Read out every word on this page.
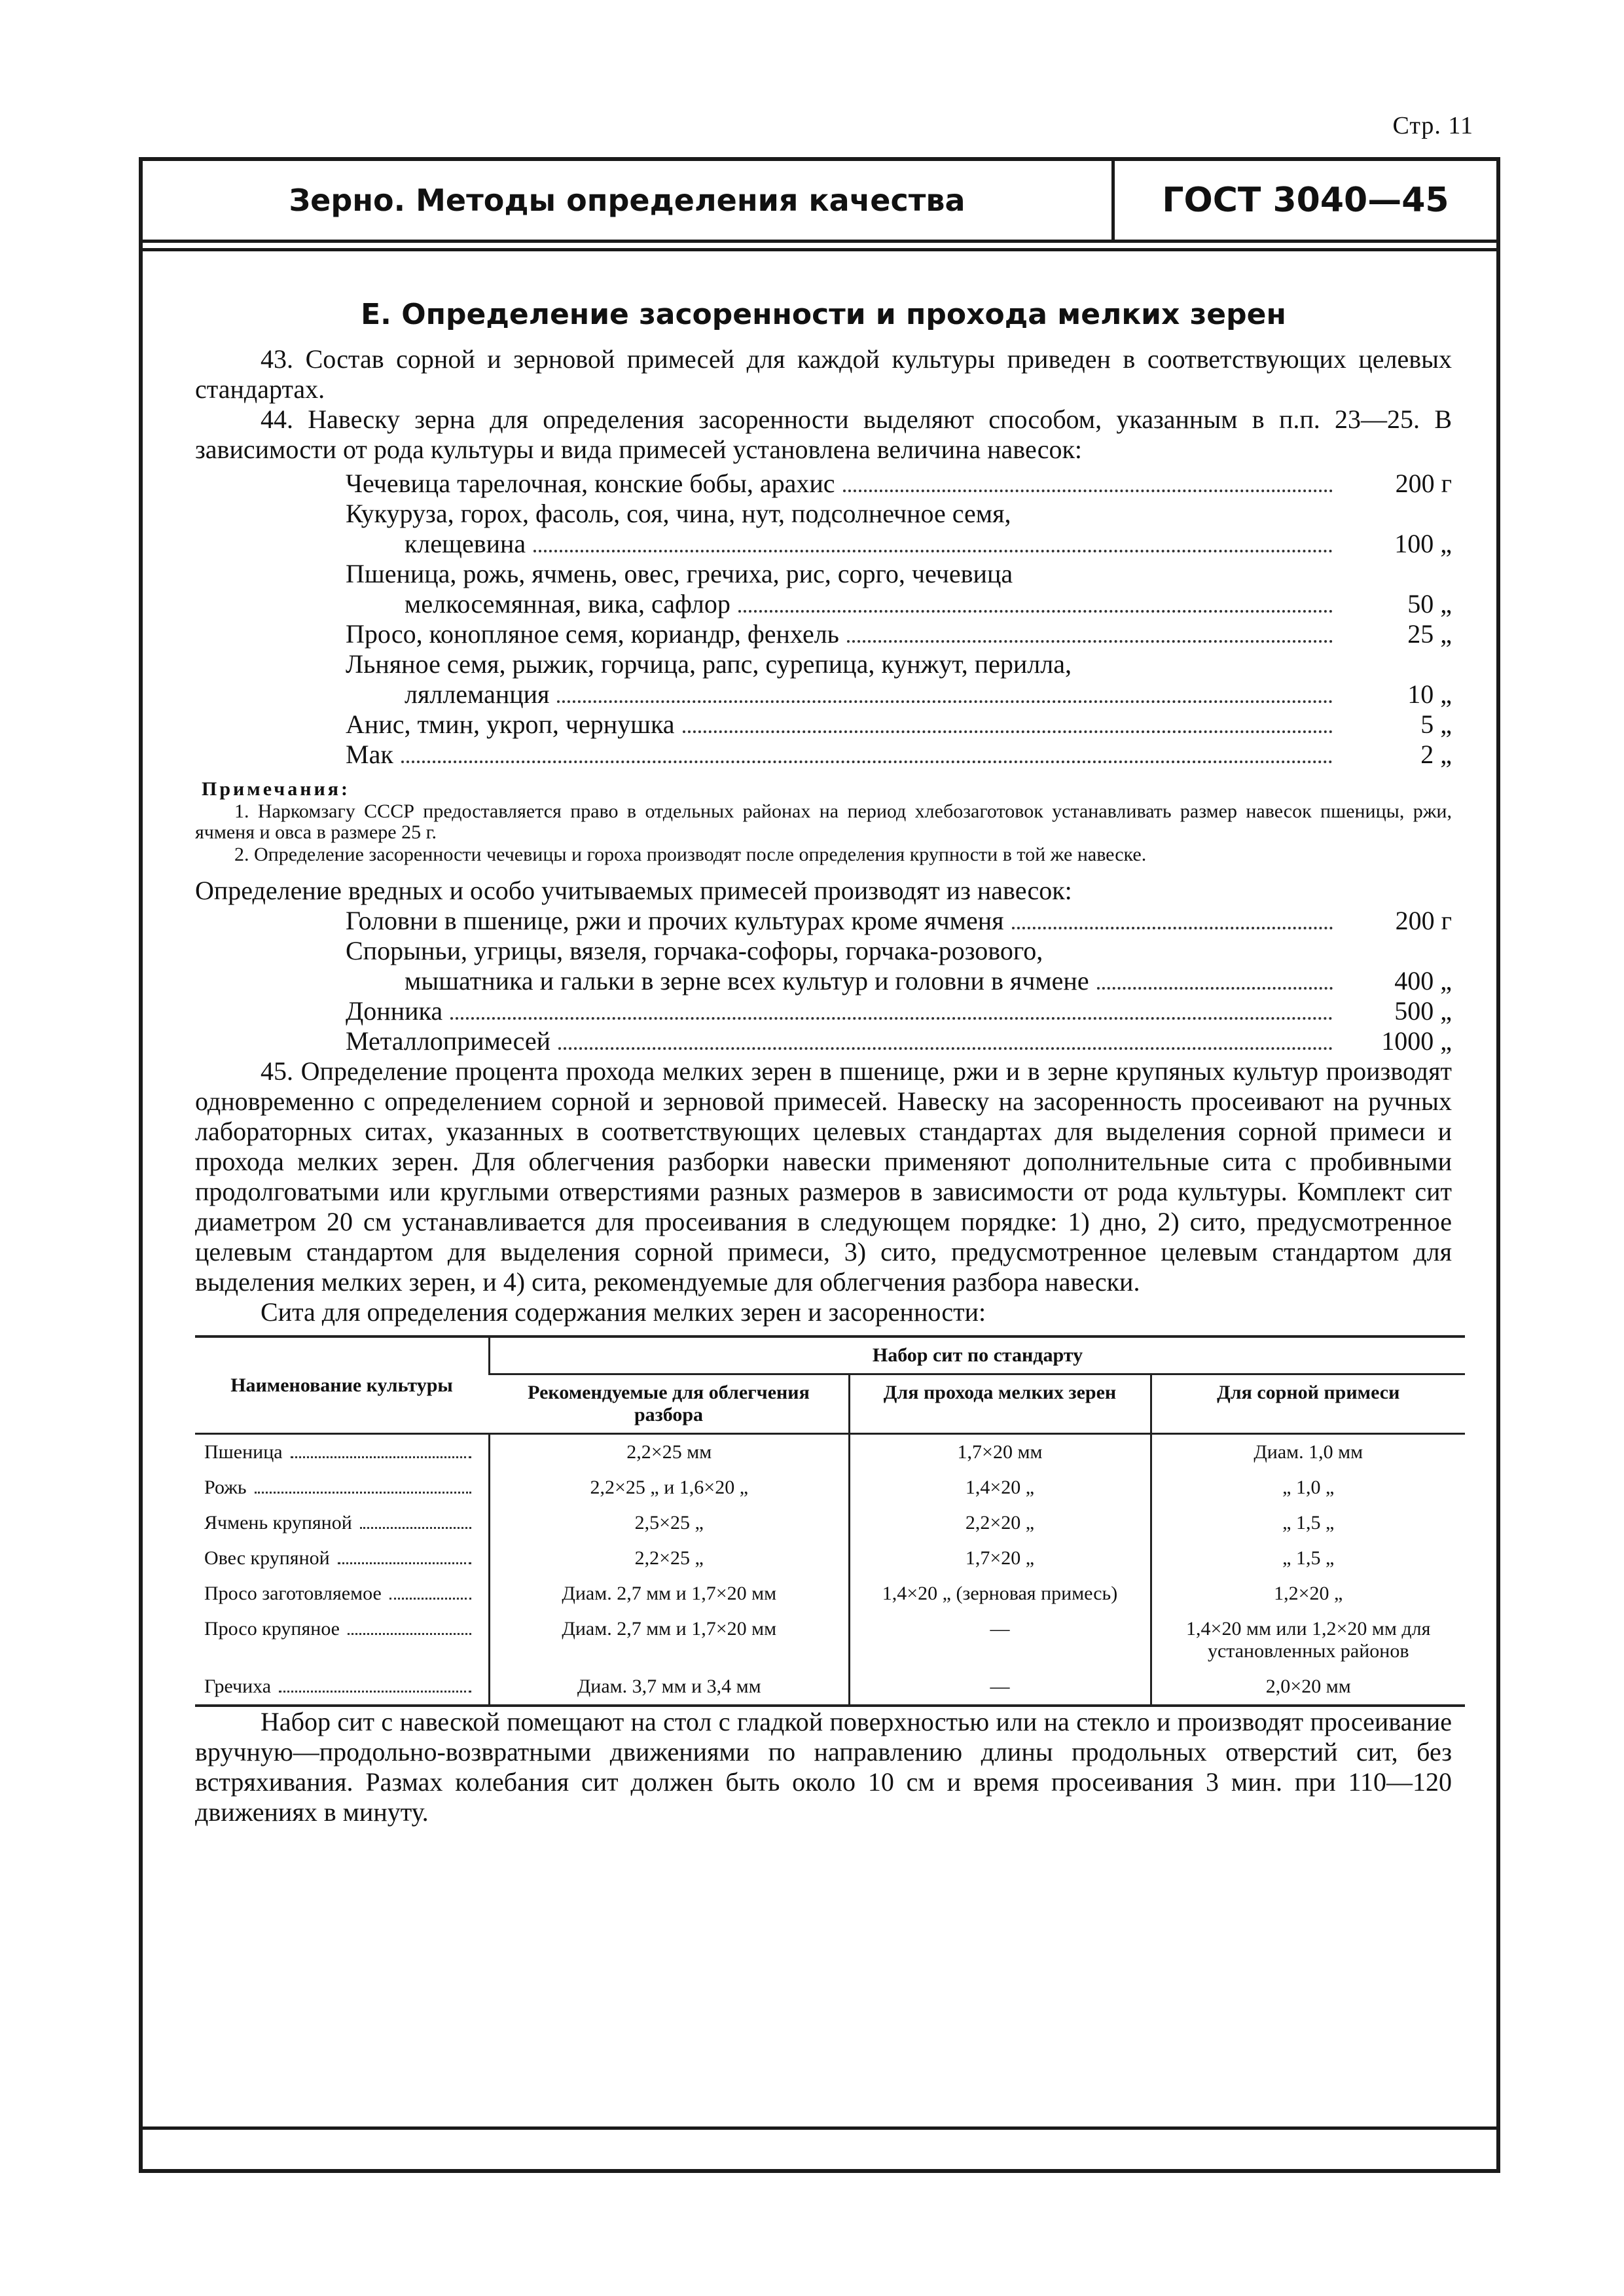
Стр. 11
Зерно. Методы определения качества	ГОСТ 3040—45
Е. Определение засоренности и прохода мелких зерен

43. Состав сорной и зерновой примесей для каждой культуры приведен в соответствующих целевых стандартах.

44. Навеску зерна для определения засоренности выделяют способом, указанным в п.п. 23—25. В зависимости от рода культуры и вида примесей установлена величина навесок:

Чечевица тарелочная, конские бобы, арахис	200 г
Кукуруза, горох, фасоль, соя, чина, нут, подсолнечное семя,
клещевина	100 „
Пшеница, рожь, ячмень, овес, гречиха, рис, сорго, чечевица
мелкосемянная, вика, сафлор	50 „
Просо, конопляное семя, кориандр, фенхель	25 „
Льняное семя, рыжик, горчица, рапс, сурепица, кунжут, перилла,
ляллеманция	10 „
Анис, тмин, укроп, чернушка	5 „
Мак	2 „
Примечания:

1. Наркомзагу СССР предоставляется право в отдельных районах на период хлебозаготовок устанавливать размер навесок пшеницы, ржи, ячменя и овса в размере 25 г.

2. Определение засоренности чечевицы и гороха производят после определения крупности в той же навеске.

Определение вредных и особо учитываемых примесей производят из навесок:

Головни в пшенице, ржи и прочих культурах кроме ячменя	200 г
Спорыньи, угрицы, вязеля, горчака-софоры, горчака-розового,
мышатника и гальки в зерне всех культур и головни в ячмене	400 „
Донника	500 „
Металлопримесей	1000 „

45. Определение процента прохода мелких зерен в пшенице, ржи и в зерне крупяных культур производят одновременно с определением сорной и зерновой примесей. Навеску на засоренность просеивают на ручных лабораторных ситах, указанных в соответствующих целевых стандартах для выделения сорной примеси и прохода мелких зерен. Для облегчения разборки навески применяют дополнительные сита с пробивными продолговатыми или круглыми отверстиями разных размеров в зависимости от рода культуры. Комплект сит диаметром 20 см устанавливается для просеивания в следующем порядке: 1) дно, 2) сито, предусмотренное целевым стандартом для выделения сорной примеси, 3) сито, предусмотренное целевым стандартом для выделения мелких зерен, и 4) сита, рекомендуемые для облегчения разбора навески.

Сита для определения содержания мелких зерен и засоренности:

Наименование культуры	Набор сит по стандарту		
	Рекомендуемые для облегчения разбора	Для прохода мелких зерен	Для сорной примеси

Пшеница	2,2×25 мм	1,7×20 мм	Диам. 1,0 мм

Рожь	2,2×25 „ и 1,6×20 „	1,4×20 „	„ 1,0 „

Ячмень крупяной	2,5×25 „	2,2×20 „	„ 1,5 „

Овес крупяной	2,2×25 „	1,7×20 „	„ 1,5 „

Просо заготовляемое	Диам. 2,7 мм и 1,7×20 мм	1,4×20 „ (зерновая примесь)	1,2×20 „

Просо крупяное	Диам. 2,7 мм и 1,7×20 мм	—	1,4×20 мм или 1,2×20 мм для установленных районов

Гречиха	Диам. 3,7 мм и 3,4 мм	—	2,0×20 мм

Набор сит с навеской помещают на стол с гладкой поверхностью или на стекло и производят просеивание вручную—продольно-возвратными движениями по направлению длины продольных отверстий сит, без встряхивания. Размах колебания сит должен быть около 10 см и время просеивания 3 мин. при 110—120 движениях в минуту.
